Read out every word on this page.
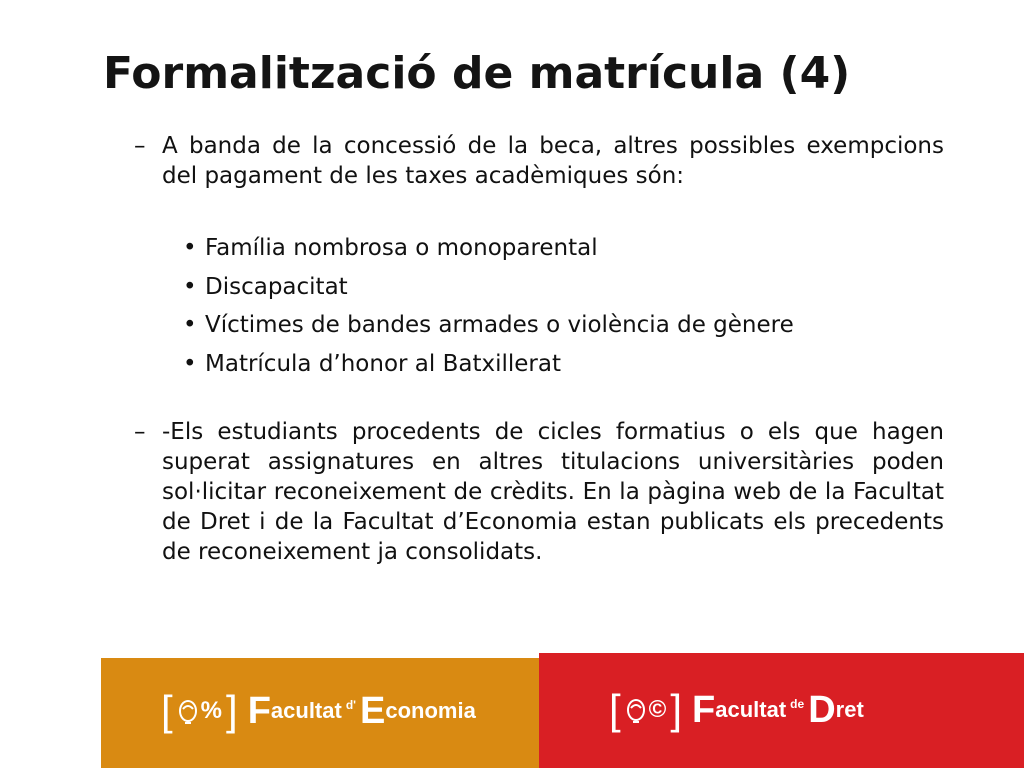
Formalització de matrícula (4)
– A banda de la concessió de la beca, altres possibles exempcions del pagament de les taxes acadèmiques són:
• Família nombrosa o monoparental
• Discapacitat
• Víctimes de bandes armades o violència de gènere
• Matrícula d’honor al Batxillerat
– -Els estudiants procedents de cicles formatius o els que hagen superat assignatures en altres titulacions universitàries poden sol·licitar reconeixement de crèdits. En la pàgina web de la Facultat de Dret i de la Facultat d’Economia estan publicats els precedents de reconeixement ja consolidats.
[ % ] F acultat d' E conomia	[ © ] F acultat de D ret
